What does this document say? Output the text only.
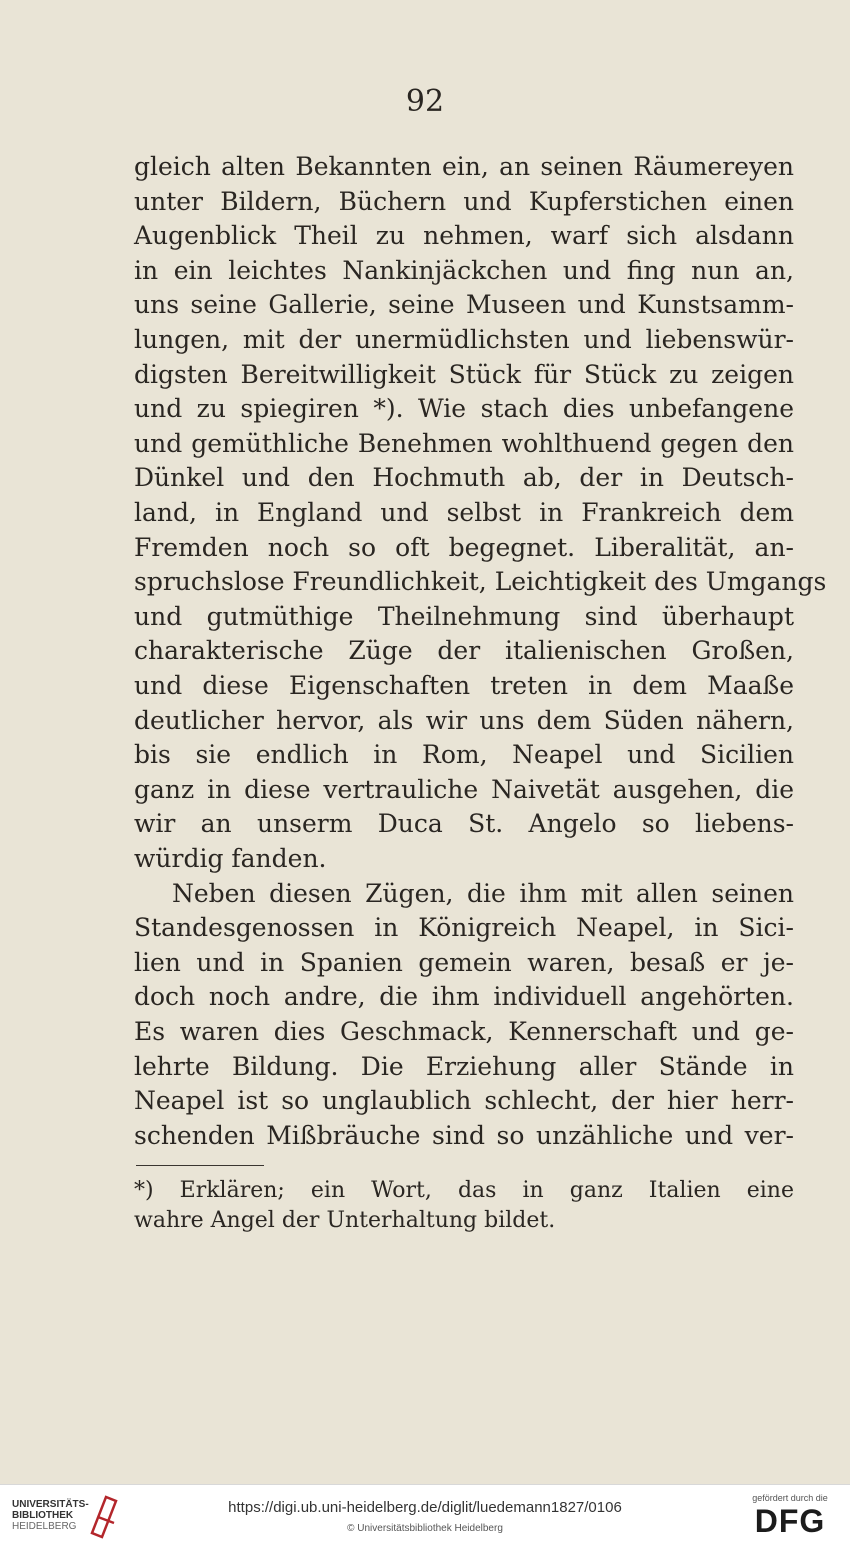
92
gleich alten Bekannten ein, an seinen Räumereyen
unter Bildern, Büchern und Kupferstichen einen
Augenblick Theil zu nehmen, warf sich alsdann
in ein leichtes Nankinjäckchen und fing nun an,
uns seine Gallerie, seine Museen und Kunstsamm-
lungen, mit der unermüdlichsten und liebenswür-
digsten Bereitwilligkeit Stück für Stück zu zeigen
und zu spiegiren *). Wie stach dies unbefangene
und gemüthliche Benehmen wohlthuend gegen den
Dünkel und den Hochmuth ab, der in Deutsch-
land, in England und selbst in Frankreich dem
Fremden noch so oft begegnet. Liberalität, an-
spruchslose Freundlichkeit, Leichtigkeit des Umgangs
und gutmüthige Theilnehmung sind überhaupt
charakterische Züge der italienischen Großen,
und diese Eigenschaften treten in dem Maaße
deutlicher hervor, als wir uns dem Süden nähern,
bis sie endlich in Rom, Neapel und Sicilien
ganz in diese vertrauliche Naivetät ausgehen, die
wir an unserm Duca St. Angelo so liebens-
würdig fanden.
Neben diesen Zügen, die ihm mit allen seinen
Standesgenossen in Königreich Neapel, in Sici-
lien und in Spanien gemein waren, besaß er je-
doch noch andre, die ihm individuell angehörten.
Es waren dies Geschmack, Kennerschaft und ge-
lehrte Bildung. Die Erziehung aller Stände in
Neapel ist so unglaublich schlecht, der hier herr-
schenden Mißbräuche sind so unzähliche und ver-
*) Erklären; ein Wort, das in ganz Italien eine
wahre Angel der Unterhaltung bildet.
UNIVERSITÄTS-
BIBLIOTHEK
HEIDELBERG
https://digi.ub.uni-heidelberg.de/diglit/luedemann1827/0106
© Universitätsbibliothek Heidelberg
gefördert durch die
DFG
